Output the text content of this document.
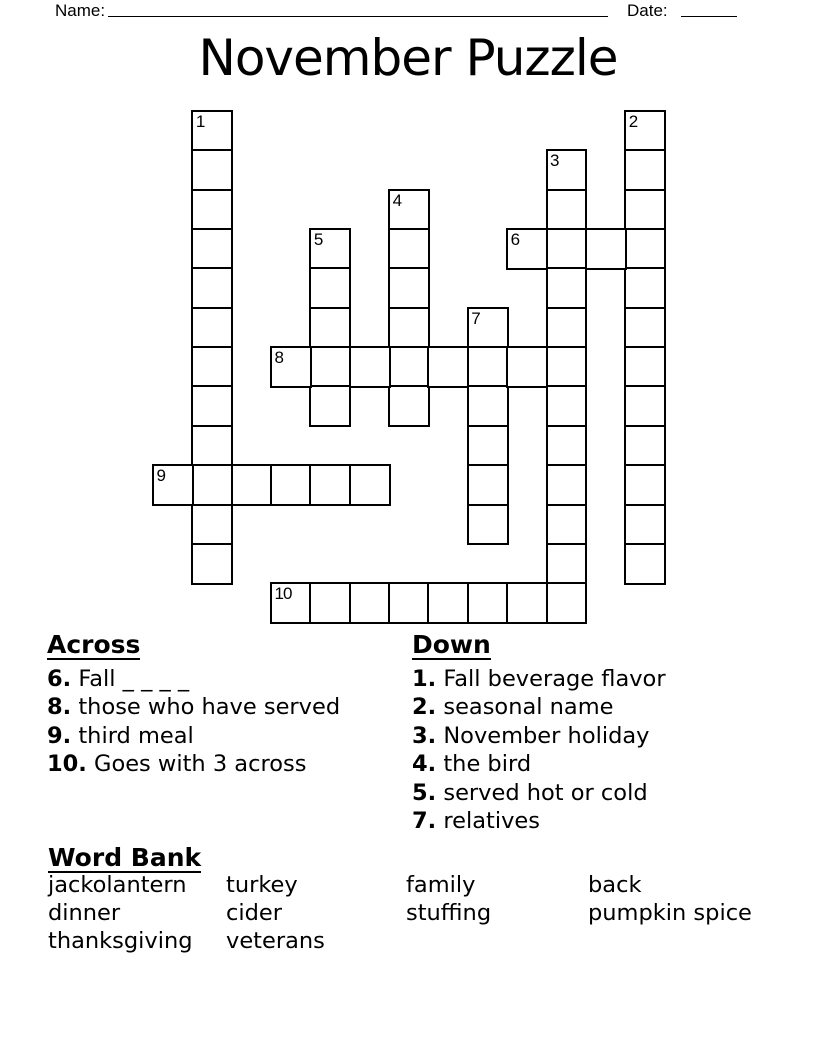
Name:	Date:
November Puzzle
1	2
3
4
5	6
7
8
9
10
Across
6. Fall _ _ _ _
8. those who have served
9. third meal
10. Goes with 3 across
Down
1. Fall beverage flavor
2. seasonal name
3. November holiday
4. the bird
5. served hot or cold
7. relatives
Word Bank
jackolantern	turkey	family	back
dinner	cider	stuffing	pumpkin spice
thanksgiving	veterans
